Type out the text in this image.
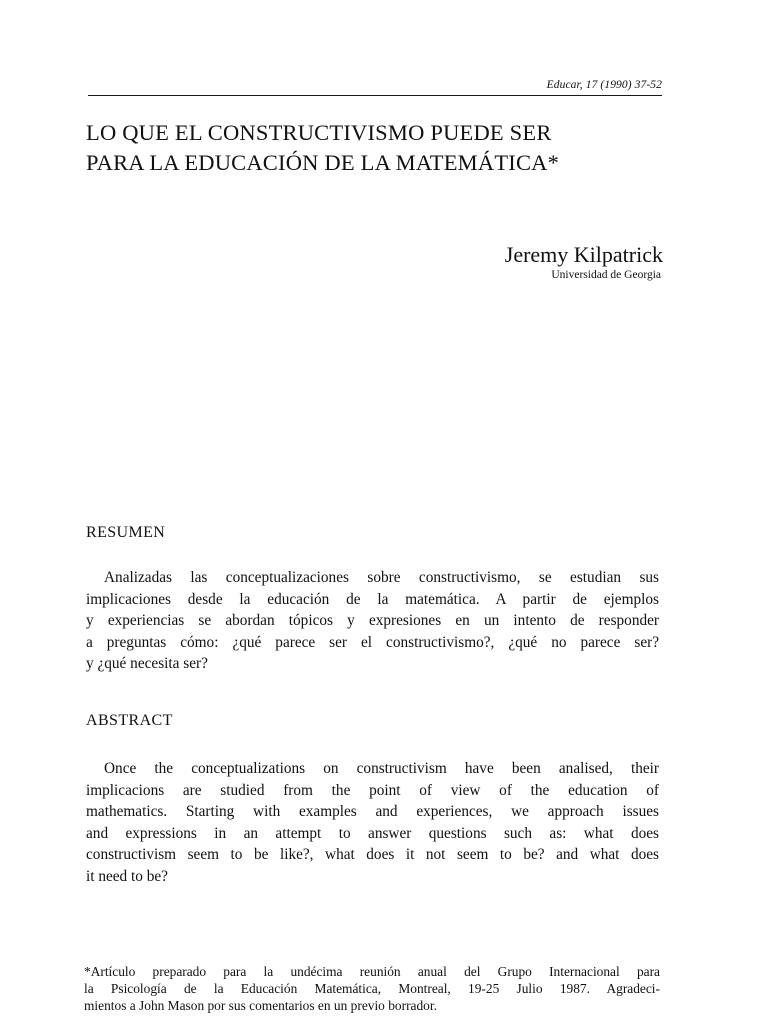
Educar, 17 (1990) 37-52
LO QUE EL CONSTRUCTIVISMO PUEDE SER
PARA LA EDUCACIÓN DE LA MATEMÁTICA*
Jeremy Kilpatrick
Universidad de Georgia
RESUMEN

Analizadas las conceptualizaciones sobre constructivismo, se estudian sus
implicaciones desde la educación de la matemática. A partir de ejemplos
y experiencias se abordan tópicos y expresiones en un intento de responder
a preguntas cómo: ¿qué parece ser el constructivismo?, ¿qué no parece ser?
y ¿qué necesita ser?

ABSTRACT

Once the conceptualizations on constructivism have been analised, their
implicacions are studied from the point of view of the education of
mathematics. Starting with examples and experiences, we approach issues
and expressions in an attempt to answer questions such as: what does
constructivism seem to be like?, what does it not seem to be? and what does
it need to be?

*Artículo preparado para la undécima reunión anual del Grupo Internacional para
la Psicología de la Educación Matemática, Montreal, 19-25 Julio 1987. Agradeci-
mientos a John Mason por sus comentarios en un previo borrador.
